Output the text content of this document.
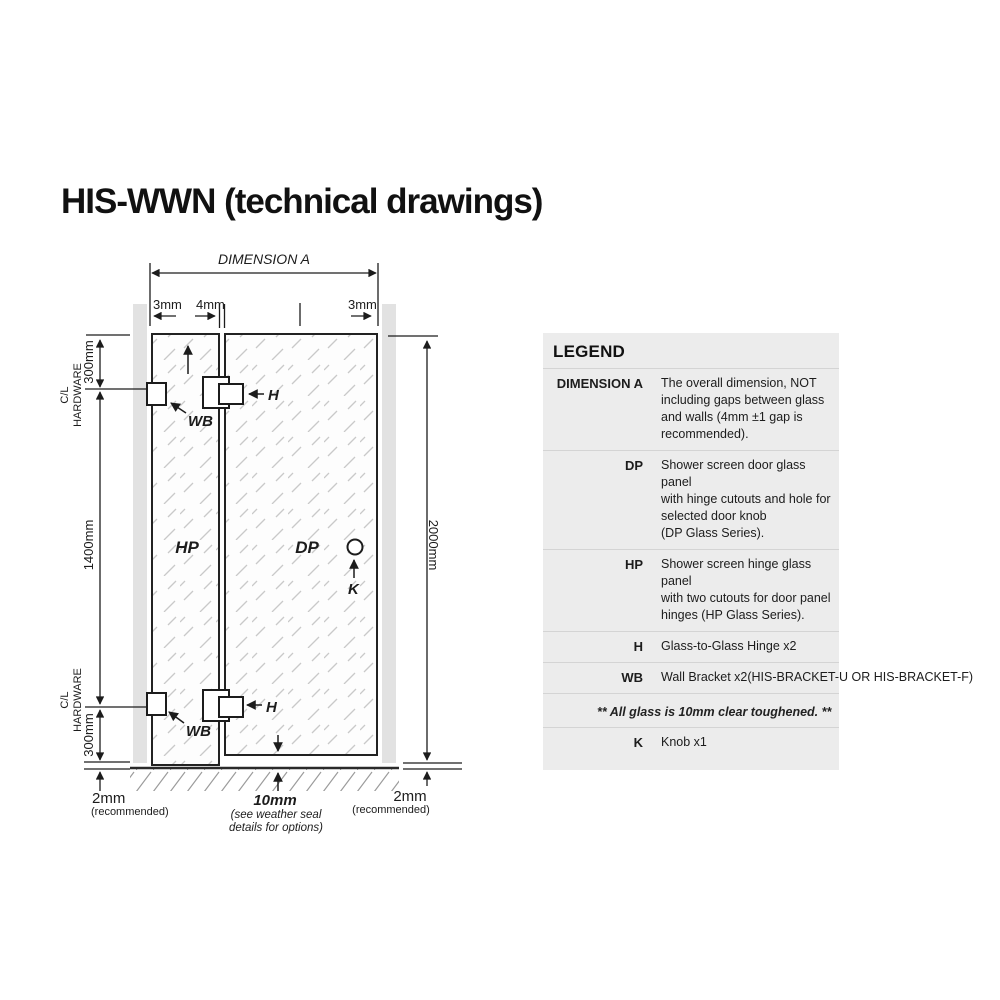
HIS-WWN (technical drawings)
DIMENSION A
3mm 4mm	3mm
300mm
C/L HARDWARE
1400mm
C/L HARDWARE
300mm
2000mm
WB
WB
H
H
K
HP	DP
2mm
(recommended)
10mm
(see weather seal
details for options)
2mm
(recommended)
LEGEND
DIMENSION A The overall dimension, NOT
including gaps between glass
and walls (4mm ±1 gap is
recommended).
DP Shower screen door glass panel
with hinge cutouts and hole for
selected door knob
(DP Glass Series).
HP Shower screen hinge glass panel
with two cutouts for door panel
hinges (HP Glass Series).
H Glass-to-Glass Hinge x2
WB Wall Bracket x2(HIS-BRACKET-U OR HIS-BRACKET-F)
K Knob x1
** All glass is 10mm clear toughened. **
